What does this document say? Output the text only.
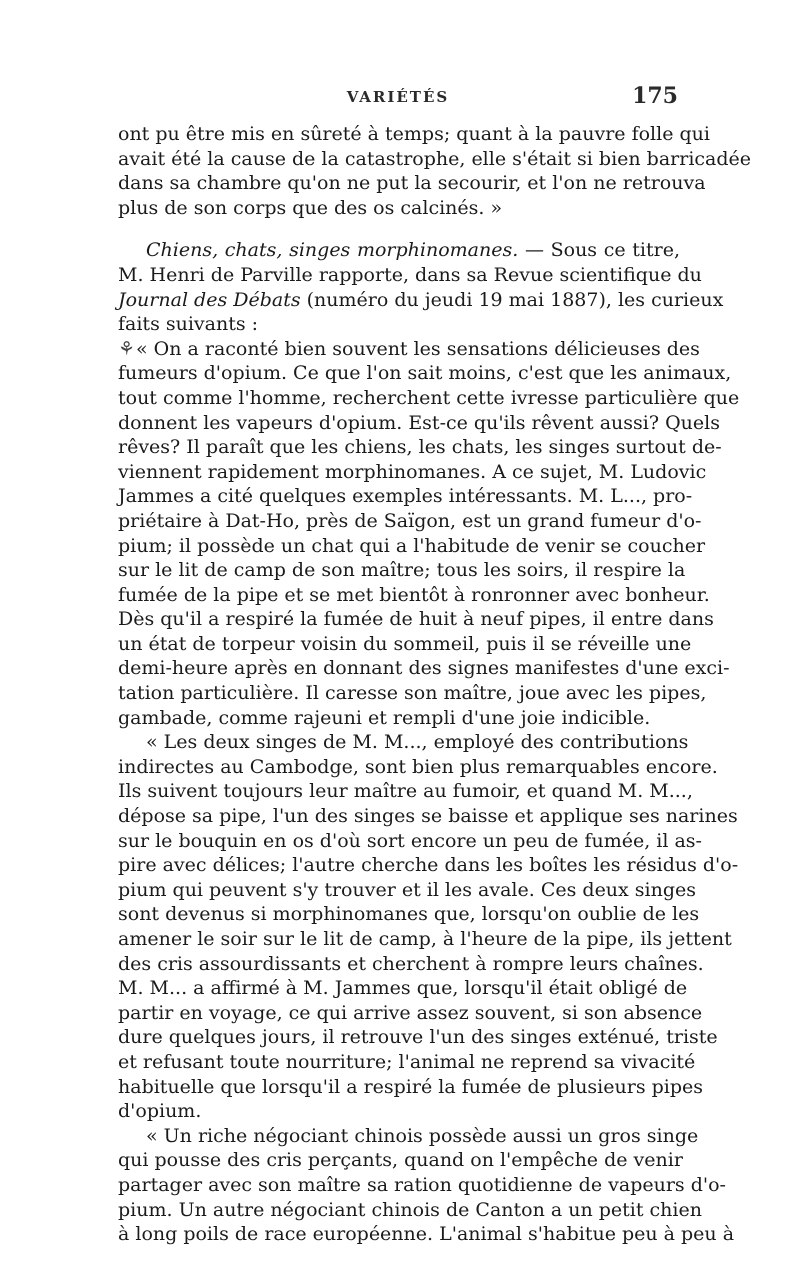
VARIÉTÉS	175
ont pu être mis en sûreté à temps; quant à la pauvre folle qui
avait été la cause de la catastrophe, elle s'était si bien barricadée
dans sa chambre qu'on ne put la secourir, et l'on ne retrouva
plus de son corps que des os calcinés. »
Chiens, chats, singes morphinomanes. — Sous ce titre,
M. Henri de Parville rapporte, dans sa Revue scientifique du
Journal des Débats (numéro du jeudi 19 mai 1887), les curieux
faits suivants :
⚘« On a raconté bien souvent les sensations délicieuses des
fumeurs d'opium. Ce que l'on sait moins, c'est que les animaux,
tout comme l'homme, recherchent cette ivresse particulière que
donnent les vapeurs d'opium. Est-ce qu'ils rêvent aussi? Quels
rêves? Il paraît que les chiens, les chats, les singes surtout de-
viennent rapidement morphinomanes. A ce sujet, M. Ludovic
Jammes a cité quelques exemples intéressants. M. L..., pro-
priétaire à Dat-Ho, près de Saïgon, est un grand fumeur d'o-
pium; il possède un chat qui a l'habitude de venir se coucher
sur le lit de camp de son maître; tous les soirs, il respire la
fumée de la pipe et se met bientôt à ronronner avec bonheur.
Dès qu'il a respiré la fumée de huit à neuf pipes, il entre dans
un état de torpeur voisin du sommeil, puis il se réveille une
demi-heure après en donnant des signes manifestes d'une exci-
tation particulière. Il caresse son maître, joue avec les pipes,
gambade, comme rajeuni et rempli d'une joie indicible.
« Les deux singes de M. M..., employé des contributions
indirectes au Cambodge, sont bien plus remarquables encore.
Ils suivent toujours leur maître au fumoir, et quand M. M...,
dépose sa pipe, l'un des singes se baisse et applique ses narines
sur le bouquin en os d'où sort encore un peu de fumée, il as-
pire avec délices; l'autre cherche dans les boîtes les résidus d'o-
pium qui peuvent s'y trouver et il les avale. Ces deux singes
sont devenus si morphinomanes que, lorsqu'on oublie de les
amener le soir sur le lit de camp, à l'heure de la pipe, ils jettent
des cris assourdissants et cherchent à rompre leurs chaînes.
M. M... a affirmé à M. Jammes que, lorsqu'il était obligé de
partir en voyage, ce qui arrive assez souvent, si son absence
dure quelques jours, il retrouve l'un des singes exténué, triste
et refusant toute nourriture; l'animal ne reprend sa vivacité
habituelle que lorsqu'il a respiré la fumée de plusieurs pipes
d'opium.
« Un riche négociant chinois possède aussi un gros singe
qui pousse des cris perçants, quand on l'empêche de venir
partager avec son maître sa ration quotidienne de vapeurs d'o-
pium. Un autre négociant chinois de Canton a un petit chien
à long poils de race européenne. L'animal s'habitue peu à peu à
